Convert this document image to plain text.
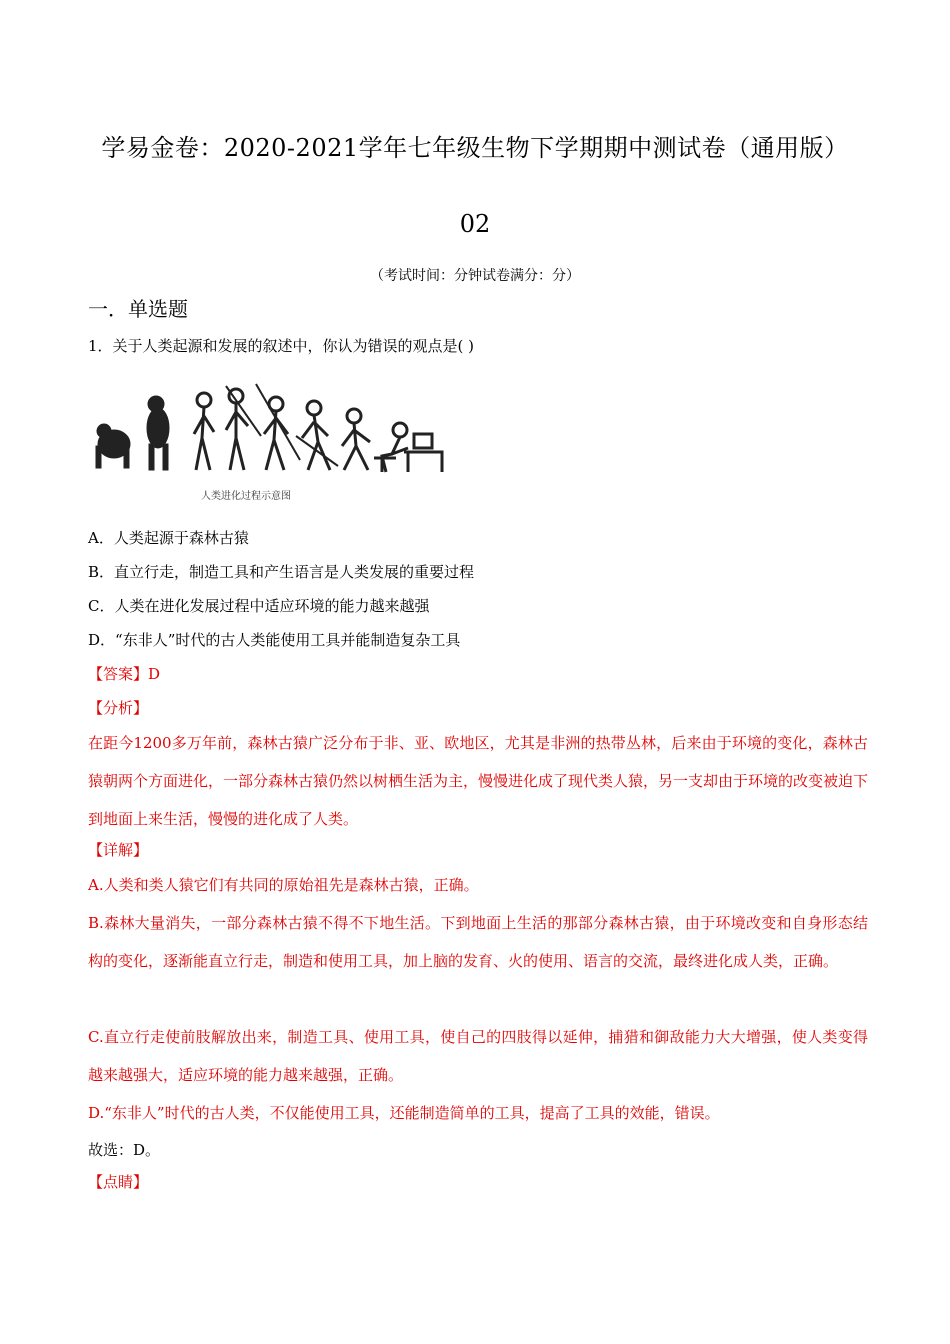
学易金卷：2020-2021学年七年级生物下学期期中测试卷（通用版）
02
（考试时间：分钟试卷满分：分）
一．单选题
1．关于人类起源和发展的叙述中，你认为错误的观点是( )
人类进化过程示意图
A．人类起源于森林古猿
B．直立行走，制造工具和产生语言是人类发展的重要过程
C．人类在进化发展过程中适应环境的能力越来越强
D．“东非人”时代的古人类能使用工具并能制造复杂工具
【答案】D
【分析】
在距今1200多万年前，森林古猿广泛分布于非、亚、欧地区，尤其是非洲的热带丛林，后来由于环境的变化，森林古猿朝两个方面进化，一部分森林古猿仍然以树栖生活为主，慢慢进化成了现代类人猿，另一支却由于环境的改变被迫下到地面上来生活，慢慢的进化成了人类。
【详解】
A.人类和类人猿它们有共同的原始祖先是森林古猿，正确。
B.森林大量消失，一部分森林古猿不得不下地生活。下到地面上生活的那部分森林古猿，由于环境改变和自身形态结构的变化，逐渐能直立行走，制造和使用工具，加上脑的发育、火的使用、语言的交流，最终进化成人类，正确。
C.直立行走使前肢解放出来，制造工具、使用工具，使自己的四肢得以延伸，捕猎和御敌能力大大增强，使人类变得越来越强大，适应环境的能力越来越强，正确。
D.“东非人”时代的古人类，不仅能使用工具，还能制造简单的工具，提高了工具的效能，错误。
故选：D。
【点睛】
